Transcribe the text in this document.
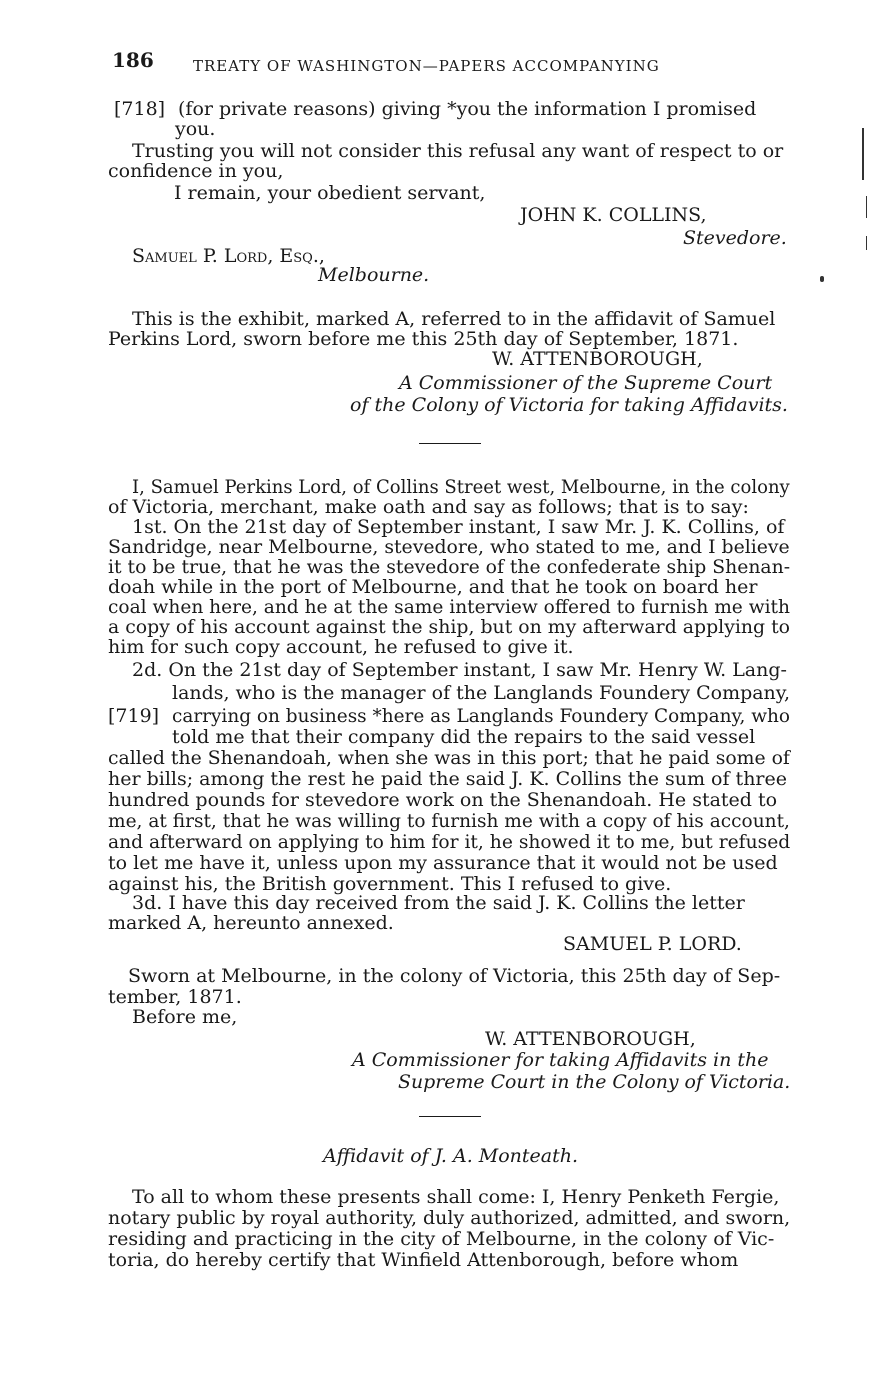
186	TREATY OF WASHINGTON—PAPERS ACCOMPANYING
[718] (for private reasons) giving *you the information I promised
you.
Trusting you will not consider this refusal any want of respect to or
confidence in you,
I remain, your obedient servant,
JOHN K. COLLINS,
Stevedore.
Samuel P. Lord, Esq.,
Melbourne.
This is the exhibit, marked A, referred to in the affidavit of Samuel
Perkins Lord, sworn before me this 25th day of September, 1871.
W. ATTENBOROUGH,
A Commissioner of the Supreme Court
of the Colony of Victoria for taking Affidavits.
I, Samuel Perkins Lord, of Collins Street west, Melbourne, in the colony
of Victoria, merchant, make oath and say as follows; that is to say:
1st. On the 21st day of September instant, I saw Mr. J. K. Collins, of
Sandridge, near Melbourne, stevedore, who stated to me, and I believe
it to be true, that he was the stevedore of the confederate ship Shenan-
doah while in the port of Melbourne, and that he took on board her
coal when here, and he at the same interview offered to furnish me with
a copy of his account against the ship, but on my afterward applying to
him for such copy account, he refused to give it.
2d. On the 21st day of September instant, I saw Mr. Henry W. Lang-
lands, who is the manager of the Langlands Foundery Company,
[719] carrying on business *here as Langlands Foundery Company, who
told me that their company did the repairs to the said vessel
called the Shenandoah, when she was in this port; that he paid some of
her bills; among the rest he paid the said J. K. Collins the sum of three
hundred pounds for stevedore work on the Shenandoah. He stated to
me, at first, that he was willing to furnish me with a copy of his account,
and afterward on applying to him for it, he showed it to me, but refused
to let me have it, unless upon my assurance that it would not be used
against his, the British government. This I refused to give.
3d. I have this day received from the said J. K. Collins the letter
marked A, hereunto annexed.
SAMUEL P. LORD.
Sworn at Melbourne, in the colony of Victoria, this 25th day of Sep-
tember, 1871.
Before me,
W. ATTENBOROUGH,
A Commissioner for taking Affidavits in the
Supreme Court in the Colony of Victoria.
Affidavit of J. A. Monteath.
To all to whom these presents shall come: I, Henry Penketh Fergie,
notary public by royal authority, duly authorized, admitted, and sworn,
residing and practicing in the city of Melbourne, in the colony of Vic-
toria, do hereby certify that Winfield Attenborough, before whom
